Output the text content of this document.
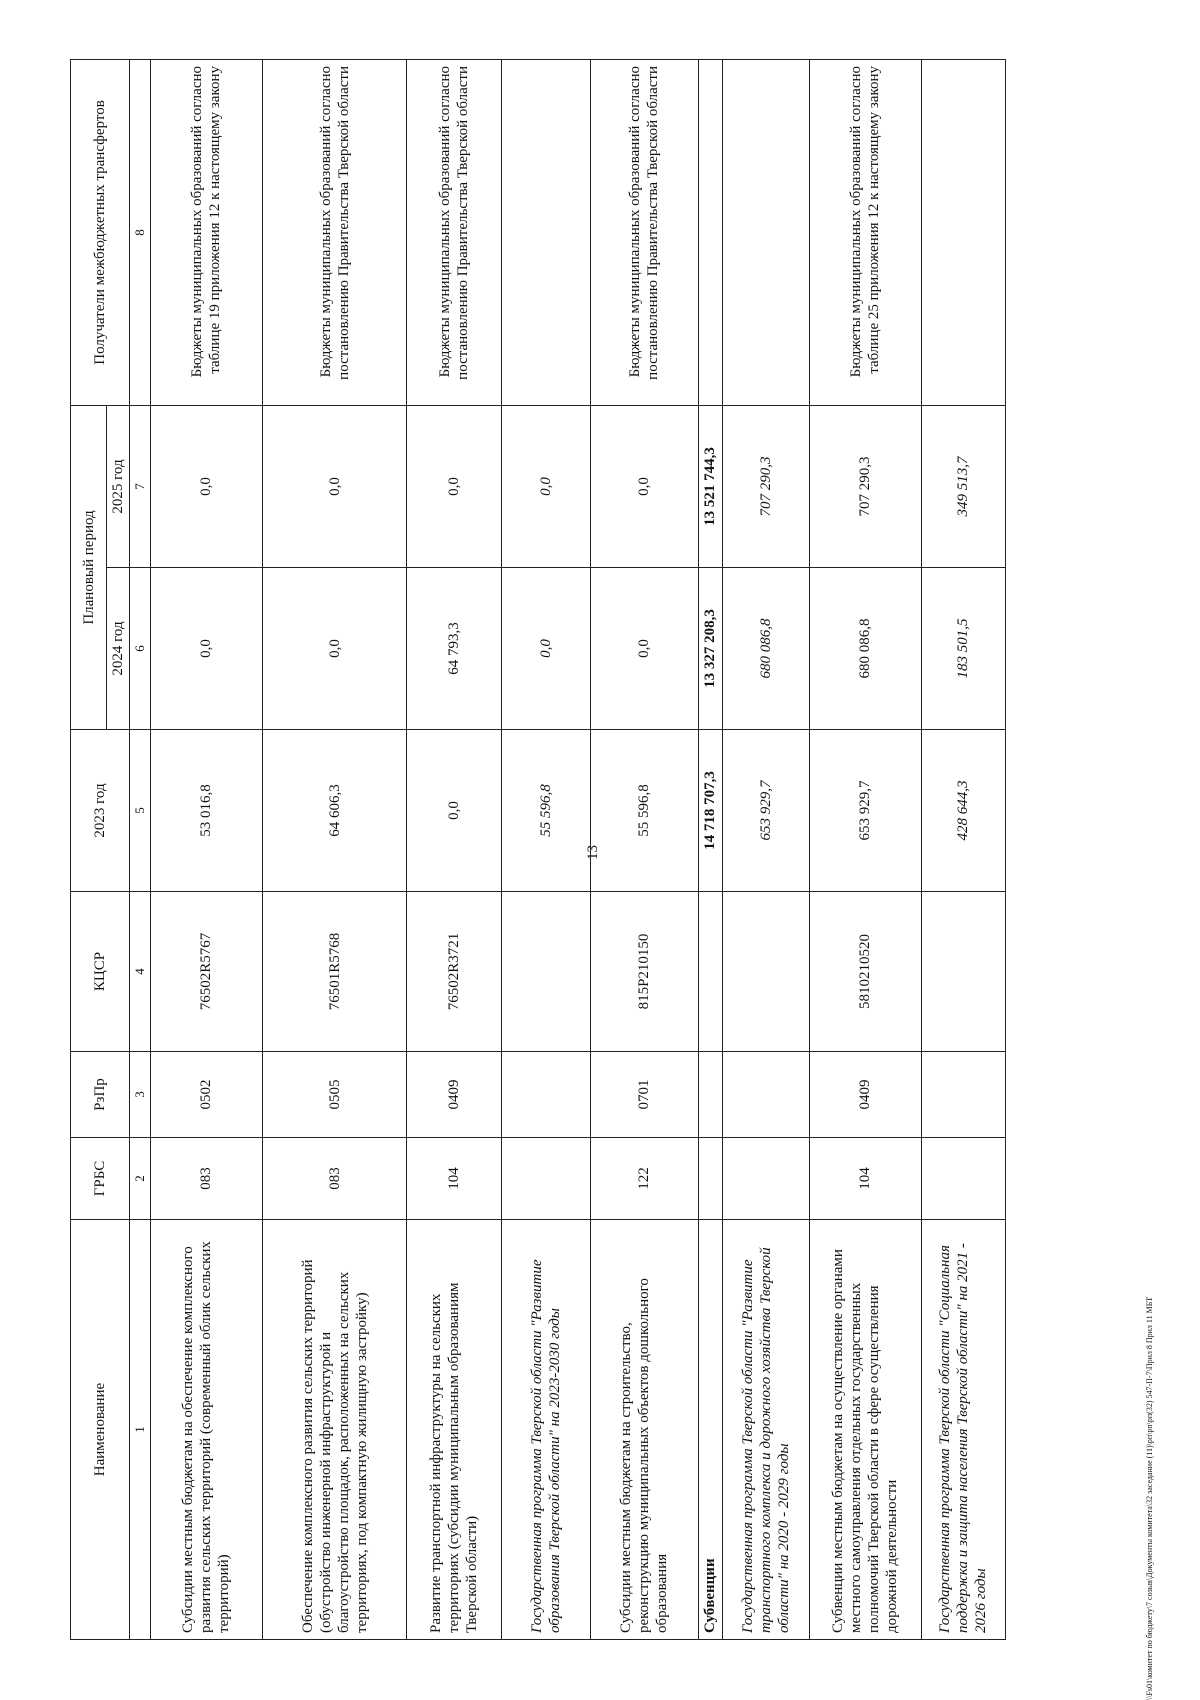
13
Наименование	ГРБС	РзПр	КЦСР	2023 год	Плановый период		Получатели межбюджетных трансфертов
					2024 год	2025 год	
1	2	3	4	5	6	7	8
Субсидии местным бюджетам на обеспечение комплексного развития сельских территорий (современный облик сельских территорий)	083	0502	76502R5767	53 016,8	0,0	0,0	Бюджеты муниципальных образований согласно таблице 19 приложения 12 к настоящему закону
Обеспечение комплексного развития сельских территорий (обустройство инженерной инфраструктурой и благоустройство площадок, расположенных на сельских территориях, под компактную жилищную застройку)	083	0505	76501R5768	64 606,3	0,0	0,0	Бюджеты муниципальных образований согласно постановлению Правительства Тверской области
Развитие транспортной инфраструктуры на сельских территориях (субсидии муниципальным образованиям Тверской области)	104	0409	76502R3721	0,0	64 793,3	0,0	Бюджеты муниципальных образований согласно постановлению Правительства Тверской области
Государственная программа Тверской области "Развитие образования Тверской области" на 2023-2030 годы				55 596,8	0,0	0,0	
Субсидии местным бюджетам на строительство, реконструкцию муниципальных объектов дошкольного образования	122	0701	815P210150	55 596,8	0,0	0,0	Бюджеты муниципальных образований согласно постановлению Правительства Тверской области
Субвенции				14 718 707,3	13 327 208,3	13 521 744,3	
Государственная программа Тверской области "Развитие транспортного комплекса и дорожного хозяйства Тверской области" на 2020 - 2029 годы				653 929,7	680 086,8	707 290,3	
Субвенции местным бюджетам на осуществление органами местного самоуправления отдельных государственных полномочий Тверской области в сфере осуществления дорожной деятельности	104	0409	5810210520	653 929,7	680 086,8	707 290,3	Бюджеты муниципальных образований согласно таблице 25 приложения 12 к настоящему закону
Государственная программа Тверской области "Социальная поддержка и защита населения Тверской области" на 2021 - 2026 годы				428 644,3	183 501,5	349 513,7	
\\Fs01\комитет по бюджету\7 созыв\Документы комитета\32 заседание (11)\рп\рп\рп(32) 547-П-7\Прил 8 Прил 11 МБТ
